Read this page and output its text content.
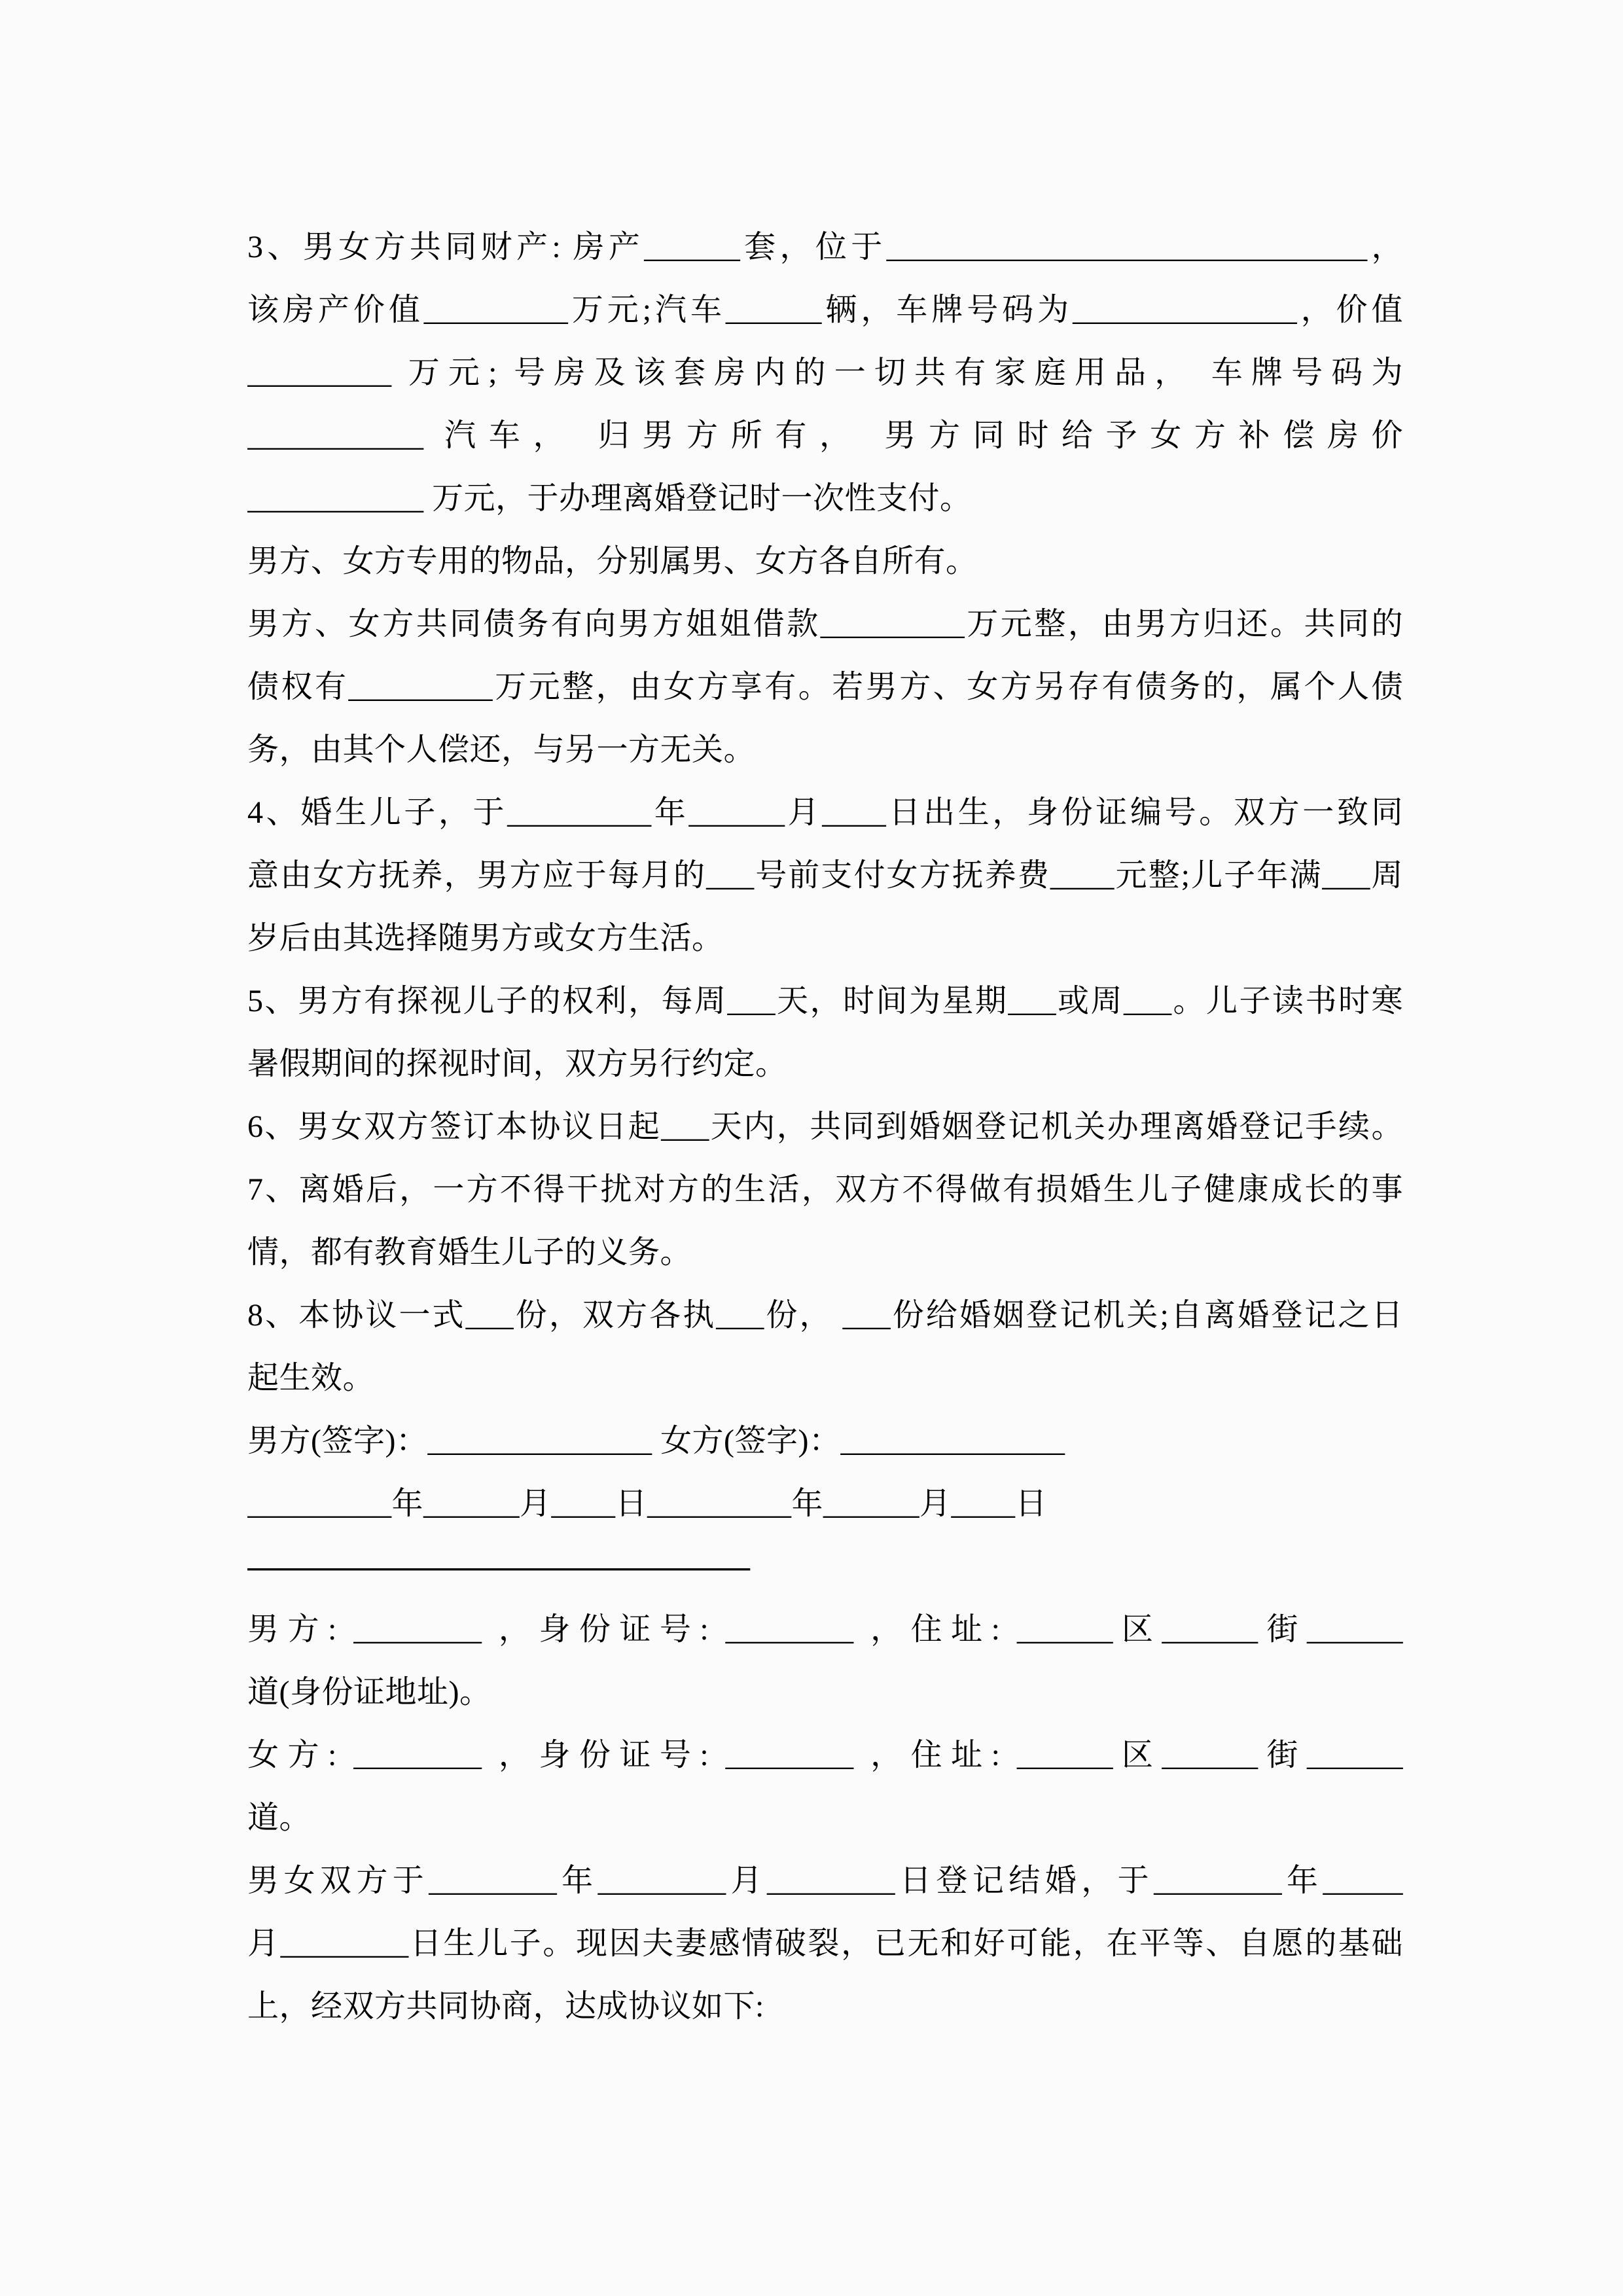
3、男女方共同财产: 房产______套，位于______________________________，
该房产价值_________万元;汽车______辆，车牌号码为______________，价值
_________ 万元; 号房及该套房内的一切共有家庭用品， 车牌号码为
___________ 汽车， 归男方所有， 男方同时给予女方补偿房价
___________ 万元，于办理离婚登记时一次性支付。
男方、女方专用的物品，分别属男、女方各自所有。
男方、女方共同债务有向男方姐姐借款_________万元整，由男方归还。共同的
债权有_________万元整，由女方享有。若男方、女方另存有债务的，属个人债
务，由其个人偿还，与另一方无关。
4、婚生儿子，于_________年______月____日出生，身份证编号。双方一致同
意由女方抚养，男方应于每月的___号前支付女方抚养费____元整;儿子年满___周
岁后由其选择随男方或女方生活。
5、男方有探视儿子的权利，每周___天，时间为星期___或周___。儿子读书时寒
暑假期间的探视时间，双方另行约定。
6、男女双方签订本协议日起___天内，共同到婚姻登记机关办理离婚登记手续。
7、离婚后，一方不得干扰对方的生活，双方不得做有损婚生儿子健康成长的事
情，都有教育婚生儿子的义务。
8、本协议一式___份，双方各执___份， ___份给婚姻登记机关;自离婚登记之日
起生效。
男方(签字)：______________ 女方(签字)：______________
_________年______月____日_________年______月____日
————————————————
男方: ________ ，身份证号: ________ ，住址: ______区______街______
道(身份证地址)。
女方: ________ ，身份证号: ________ ，住址: ______区______街______
道。
男女双方于________年________月________日登记结婚，于________年_____
月________日生儿子。现因夫妻感情破裂，已无和好可能，在平等、自愿的基础
上，经双方共同协商，达成协议如下:
